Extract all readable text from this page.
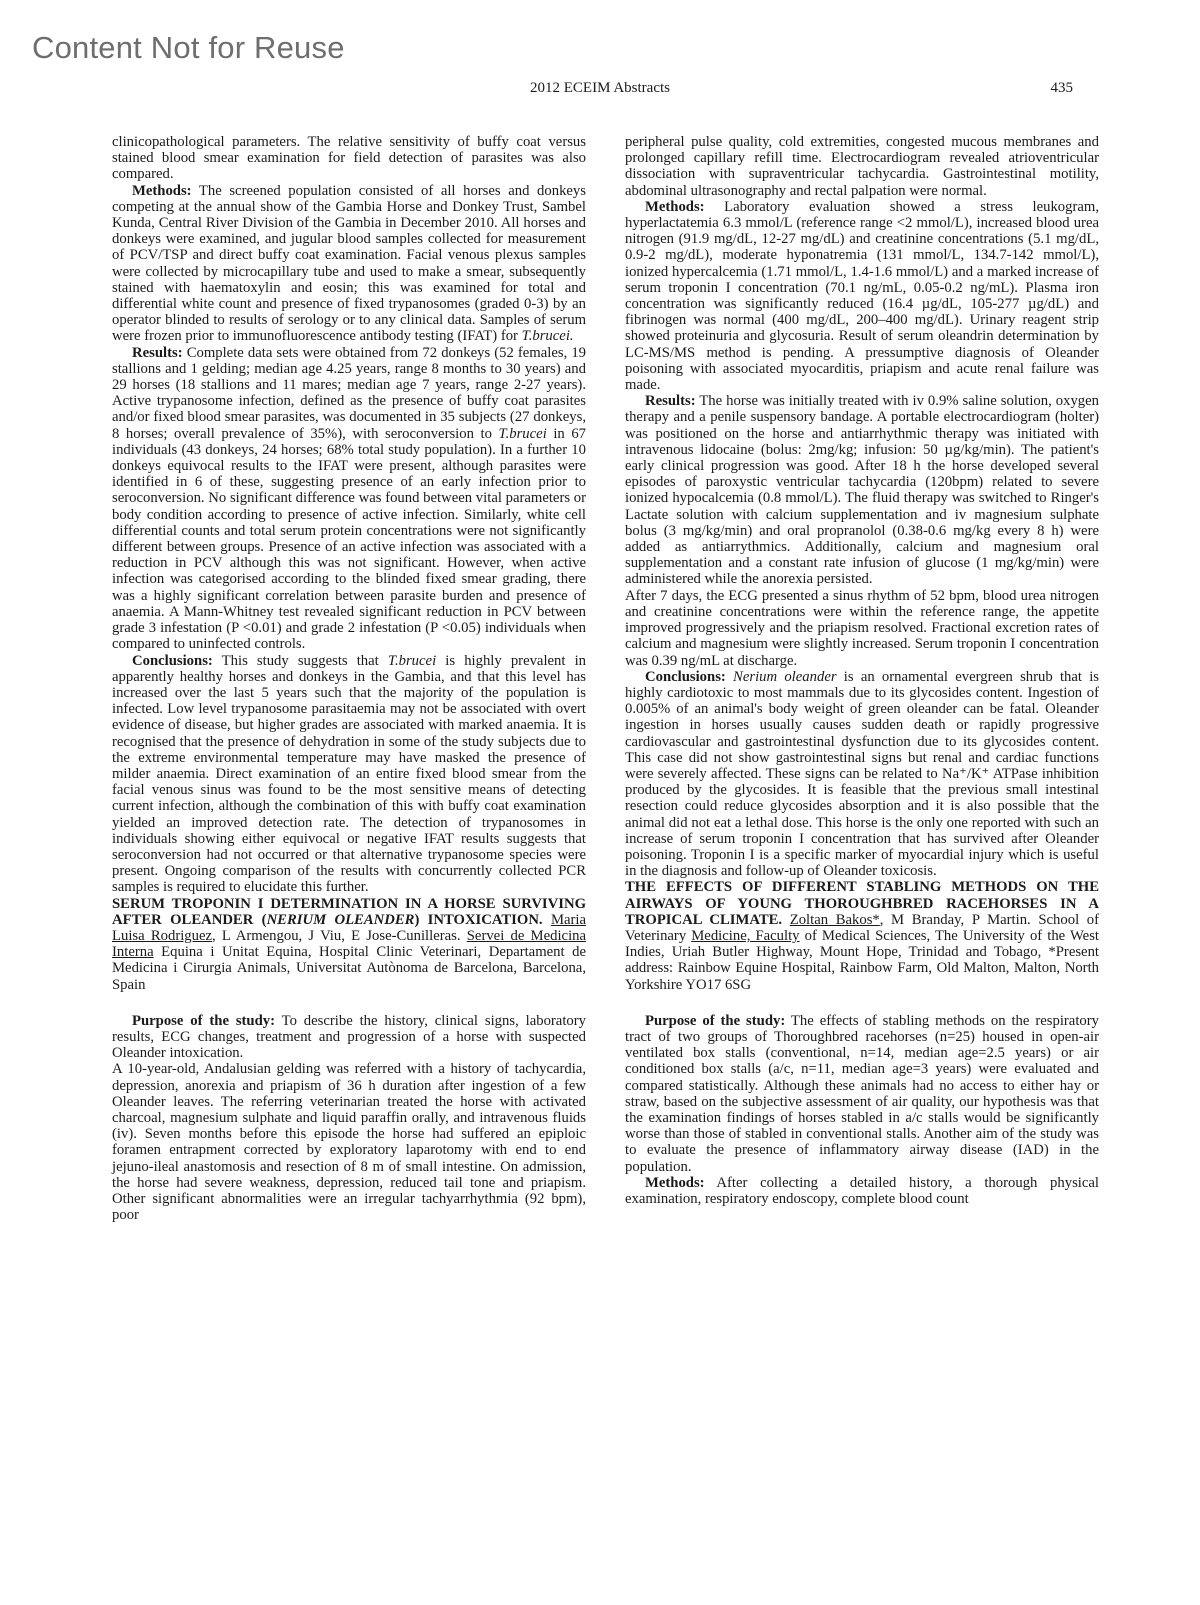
Content Not for Reuse
2012 ECEIM Abstracts	435

clinicopathological parameters. The relative sensitivity of buffy coat versus stained blood smear examination for field detection of parasites was also compared.

Methods: The screened population consisted of all horses and donkeys competing at the annual show of the Gambia Horse and Donkey Trust, Sambel Kunda, Central River Division of the Gambia in December 2010. All horses and donkeys were examined, and jugular blood samples collected for measurement of PCV/TSP and direct buffy coat examination. Facial venous plexus samples were collected by microcapillary tube and used to make a smear, subsequently stained with haematoxylin and eosin; this was examined for total and differential white count and presence of fixed trypanosomes (graded 0-3) by an operator blinded to results of serology or to any clinical data. Samples of serum were frozen prior to immunofluorescence antibody testing (IFAT) for T.brucei.

Results: Complete data sets were obtained from 72 donkeys (52 females, 19 stallions and 1 gelding; median age 4.25 years, range 8 months to 30 years) and 29 horses (18 stallions and 11 mares; median age 7 years, range 2-27 years). Active trypanosome infection, defined as the presence of buffy coat parasites and/or fixed blood smear parasites, was documented in 35 subjects (27 donkeys, 8 horses; overall prevalence of 35%), with seroconversion to T.brucei in 67 individuals (43 donkeys, 24 horses; 68% total study population). In a further 10 donkeys equivocal results to the IFAT were present, although parasites were identified in 6 of these, suggesting presence of an early infection prior to seroconversion. No significant difference was found between vital parameters or body condition according to presence of active infection. Similarly, white cell differential counts and total serum protein concentrations were not significantly different between groups. Presence of an active infection was associated with a reduction in PCV although this was not significant. However, when active infection was categorised according to the blinded fixed smear grading, there was a highly significant correlation between parasite burden and presence of anaemia. A Mann-Whitney test revealed significant reduction in PCV between grade 3 infestation (P <0.01) and grade 2 infestation (P <0.05) individuals when compared to uninfected controls.

Conclusions: This study suggests that T.brucei is highly prevalent in apparently healthy horses and donkeys in the Gambia, and that this level has increased over the last 5 years such that the majority of the population is infected. Low level trypanosome parasitaemia may not be associated with overt evidence of disease, but higher grades are associated with marked anaemia. It is recognised that the presence of dehydration in some of the study subjects due to the extreme environmental temperature may have masked the presence of milder anaemia. Direct examination of an entire fixed blood smear from the facial venous sinus was found to be the most sensitive means of detecting current infection, although the combination of this with buffy coat examination yielded an improved detection rate. The detection of trypanosomes in individuals showing either equivocal or negative IFAT results suggests that seroconversion had not occurred or that alternative trypanosome species were present. Ongoing comparison of the results with concurrently collected PCR samples is required to elucidate this further.

SERUM TROPONIN I DETERMINATION IN A HORSE SURVIVING AFTER OLEANDER (NERIUM OLEANDER) INTOXICATION. Maria Luisa Rodriguez, L Armengou, J Viu, E Jose-Cunilleras. Servei de Medicina Interna Equina i Unitat Equina, Hospital Clinic Veterinari, Departament de Medicina i Cirurgia Animals, Universitat Autònoma de Barcelona, Barcelona, Spain

Purpose of the study: To describe the history, clinical signs, laboratory results, ECG changes, treatment and progression of a horse with suspected Oleander intoxication.

A 10-year-old, Andalusian gelding was referred with a history of tachycardia, depression, anorexia and priapism of 36 h duration after ingestion of a few Oleander leaves. The referring veterinarian treated the horse with activated charcoal, magnesium sulphate and liquid paraffin orally, and intravenous fluids (iv). Seven months before this episode the horse had suffered an epiploic foramen entrapment corrected by exploratory laparotomy with end to end jejuno-ileal anastomosis and resection of 8 m of small intestine. On admission, the horse had severe weakness, depression, reduced tail tone and priapism. Other significant abnormalities were an irregular tachyarrhythmia (92 bpm), poor

peripheral pulse quality, cold extremities, congested mucous membranes and prolonged capillary refill time. Electrocardiogram revealed atrioventricular dissociation with supraventricular tachycardia. Gastrointestinal motility, abdominal ultrasonography and rectal palpation were normal.

Methods: Laboratory evaluation showed a stress leukogram, hyperlactatemia 6.3 mmol/L (reference range <2 mmol/L), increased blood urea nitrogen (91.9 mg/dL, 12-27 mg/dL) and creatinine concentrations (5.1 mg/dL, 0.9-2 mg/dL), moderate hyponatremia (131 mmol/L, 134.7-142 mmol/L), ionized hypercalcemia (1.71 mmol/L, 1.4-1.6 mmol/L) and a marked increase of serum troponin I concentration (70.1 ng/mL, 0.05-0.2 ng/mL). Plasma iron concentration was significantly reduced (16.4 µg/dL, 105-277 µg/dL) and fibrinogen was normal (400 mg/dL, 200–400 mg/dL). Urinary reagent strip showed proteinuria and glycosuria. Result of serum oleandrin determination by LC-MS/MS method is pending. A pressumptive diagnosis of Oleander poisoning with associated myocarditis, priapism and acute renal failure was made.

Results: The horse was initially treated with iv 0.9% saline solution, oxygen therapy and a penile suspensory bandage. A portable electrocardiogram (holter) was positioned on the horse and antiarrhythmic therapy was initiated with intravenous lidocaine (bolus: 2mg/kg; infusion: 50 µg/kg/min). The patient's early clinical progression was good. After 18 h the horse developed several episodes of paroxystic ventricular tachycardia (120bpm) related to severe ionized hypocalcemia (0.8 mmol/L). The fluid therapy was switched to Ringer's Lactate solution with calcium supplementation and iv magnesium sulphate bolus (3 mg/kg/min) and oral propranolol (0.38-0.6 mg/kg every 8 h) were added as antiarrythmics. Additionally, calcium and magnesium oral supplementation and a constant rate infusion of glucose (1 mg/kg/min) were administered while the anorexia persisted.

After 7 days, the ECG presented a sinus rhythm of 52 bpm, blood urea nitrogen and creatinine concentrations were within the reference range, the appetite improved progressively and the priapism resolved. Fractional excretion rates of calcium and magnesium were slightly increased. Serum troponin I concentration was 0.39 ng/mL at discharge.

Conclusions: Nerium oleander is an ornamental evergreen shrub that is highly cardiotoxic to most mammals due to its glycosides content. Ingestion of 0.005% of an animal's body weight of green oleander can be fatal. Oleander ingestion in horses usually causes sudden death or rapidly progressive cardiovascular and gastrointestinal dysfunction due to its glycosides content. This case did not show gastrointestinal signs but renal and cardiac functions were severely affected. These signs can be related to Na⁺/K⁺ ATPase inhibition produced by the glycosides. It is feasible that the previous small intestinal resection could reduce glycosides absorption and it is also possible that the animal did not eat a lethal dose. This horse is the only one reported with such an increase of serum troponin I concentration that has survived after Oleander poisoning. Troponin I is a specific marker of myocardial injury which is useful in the diagnosis and follow-up of Oleander toxicosis.

THE EFFECTS OF DIFFERENT STABLING METHODS ON THE AIRWAYS OF YOUNG THOROUGHBRED RACEHORSES IN A TROPICAL CLIMATE. Zoltan Bakos*, M Branday, P Martin. School of Veterinary Medicine, Faculty of Medical Sciences, The University of the West Indies, Uriah Butler Highway, Mount Hope, Trinidad and Tobago, *Present address: Rainbow Equine Hospital, Rainbow Farm, Old Malton, Malton, North Yorkshire YO17 6SG

Purpose of the study: The effects of stabling methods on the respiratory tract of two groups of Thoroughbred racehorses (n=25) housed in open-air ventilated box stalls (conventional, n=14, median age=2.5 years) or air conditioned box stalls (a/c, n=11, median age=3 years) were evaluated and compared statistically. Although these animals had no access to either hay or straw, based on the subjective assessment of air quality, our hypothesis was that the examination findings of horses stabled in a/c stalls would be significantly worse than those of stabled in conventional stalls. Another aim of the study was to evaluate the presence of inflammatory airway disease (IAD) in the population.

Methods: After collecting a detailed history, a thorough physical examination, respiratory endoscopy, complete blood count
